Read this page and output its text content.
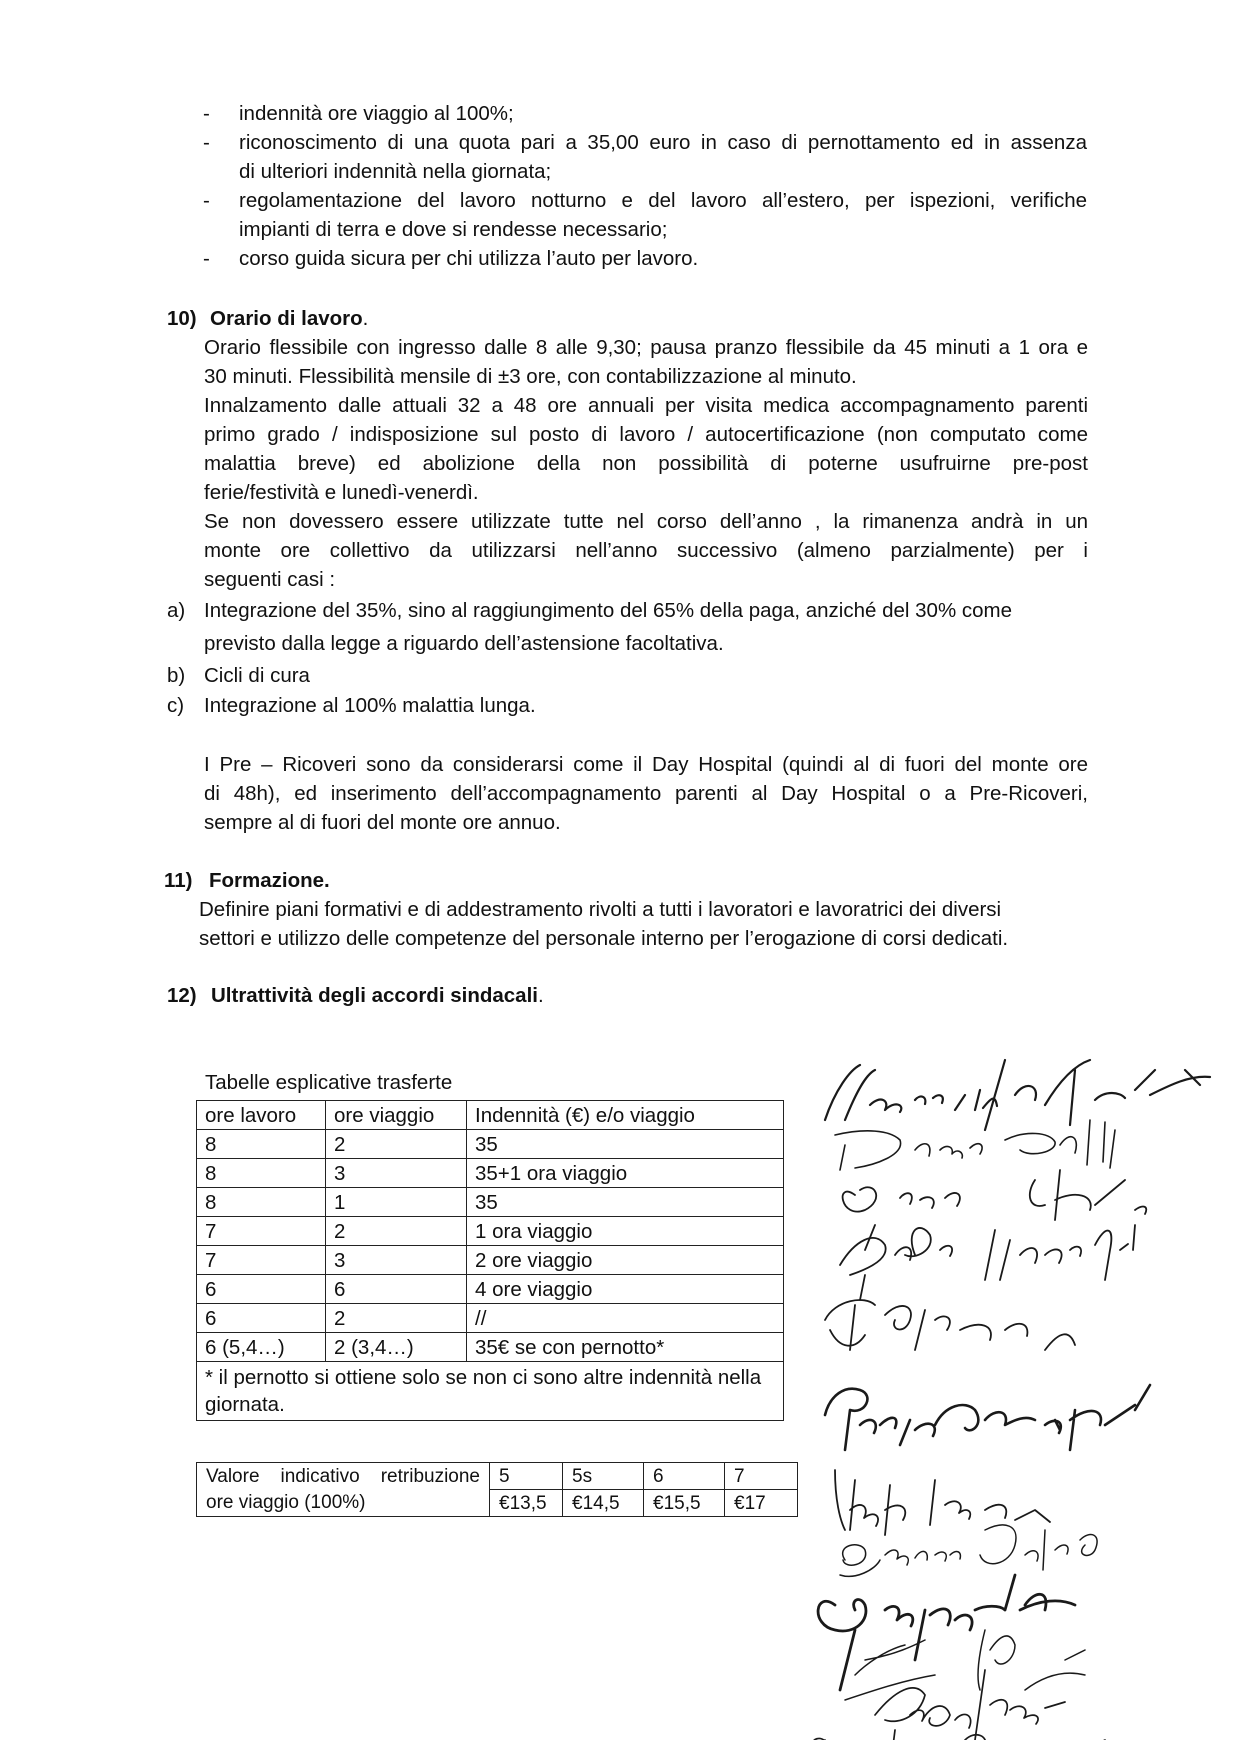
- indennità ore viaggio al 100%;
- riconoscimento di una quota pari a 35,00 euro in caso di pernottamento ed in assenza
di ulteriori indennità nella giornata;
- regolamentazione del lavoro notturno e del lavoro all’estero, per ispezioni, verifiche
impianti di terra e dove si rendesse necessario;
- corso guida sicura per chi utilizza l’auto per lavoro.
10) Orario di lavoro.
Orario flessibile con ingresso dalle 8 alle 9,30; pausa pranzo flessibile da 45 minuti a 1 ora e
30 minuti. Flessibilità mensile di ±3 ore, con contabilizzazione al minuto.
Innalzamento dalle attuali 32 a 48 ore annuali per visita medica accompagnamento parenti
primo grado / indisposizione sul posto di lavoro / autocertificazione (non computato come
malattia breve) ed abolizione della non possibilità di poterne usufruirne pre-post
ferie/festività e lunedì-venerdì.
Se non dovessero essere utilizzate tutte nel corso dell’anno , la rimanenza andrà in un
monte ore collettivo da utilizzarsi nell’anno successivo (almeno parzialmente) per i
seguenti casi :
a) Integrazione del 35%, sino al raggiungimento del 65% della paga, anziché del 30% come
previsto dalla legge a riguardo dell’astensione facoltativa.
b) Cicli di cura
c) Integrazione al 100% malattia lunga.
I Pre – Ricoveri sono da considerarsi come il Day Hospital (quindi al di fuori del monte ore
di 48h), ed inserimento dell’accompagnamento parenti al Day Hospital o a Pre-Ricoveri,
sempre al di fuori del monte ore annuo.
11) Formazione.
Definire piani formativi e di addestramento rivolti a tutti i lavoratori e lavoratrici dei diversi
settori e utilizzo delle competenze del personale interno per l’erogazione di corsi dedicati.
12) Ultrattività degli accordi sindacali.
Tabelle esplicative trasferte
ore lavoro	ore viaggio	Indennità (€) e/o viaggio
8	2	35
8	3	35+1 ora viaggio
8	1	35
7	2	1 ora viaggio
7	3	2 ore viaggio
6	6	4 ore viaggio
6	2	//
6 (5,4…)	2 (3,4…)	35€ se con pernotto*
* il pernotto si ottiene solo se non ci sono altre indennità nella giornata.		
Valore indicativo retribuzione ore viaggio (100%)	5	5s	6	7
	€13,5	€14,5	€15,5	€17
